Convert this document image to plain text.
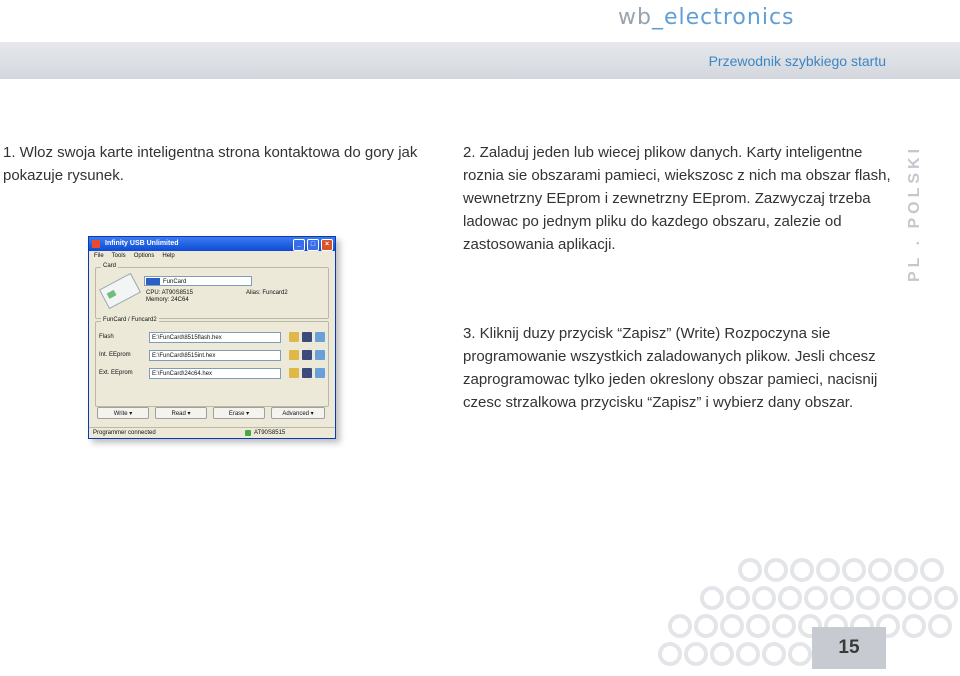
wb_electronics
Przewodnik szybkiego startu
PL . POLSKI
1. Wloz swoja karte inteligentna strona kontaktowa do gory jak pokazuje rysunek.
2. Zaladuj jeden lub wiecej plikow danych. Karty inteligentne roznia sie obszarami pamieci, wiekszosc z nich ma obszar flash, wewnetrzny EEprom i zewnetrzny EEprom. Zazwyczaj trzeba ladowac po jednym pliku do kazdego obszaru, zalezie od zastosowania aplikacji.
3. Kliknij duzy przycisk “Zapisz” (Write) Rozpoczyna sie programowanie wszystkich zaladowanych plikow. Jesli chcesz zaprogramowac tylko jeden okreslony obszar pamieci, nacisnij czesc strzalkowa przycisku “Zapisz” i wybierz dany obszar.
Infinity USB Unlimited	_	□	×
File Tools Options Help
Card
FunCard
CPU: AT90S8515
Memory: 24C64
Alias: Funcard2
FunCard / Funcard2
Flash	E:\FunCard\8515flash.hex
Int. EEprom	E:\FunCard\8515int.hex
Ext. EEprom	E:\FunCard\24c64.hex
Write ▾	Read ▾	Erase ▾	Advanced ▾
Programmer connected	AT90S8515
15
